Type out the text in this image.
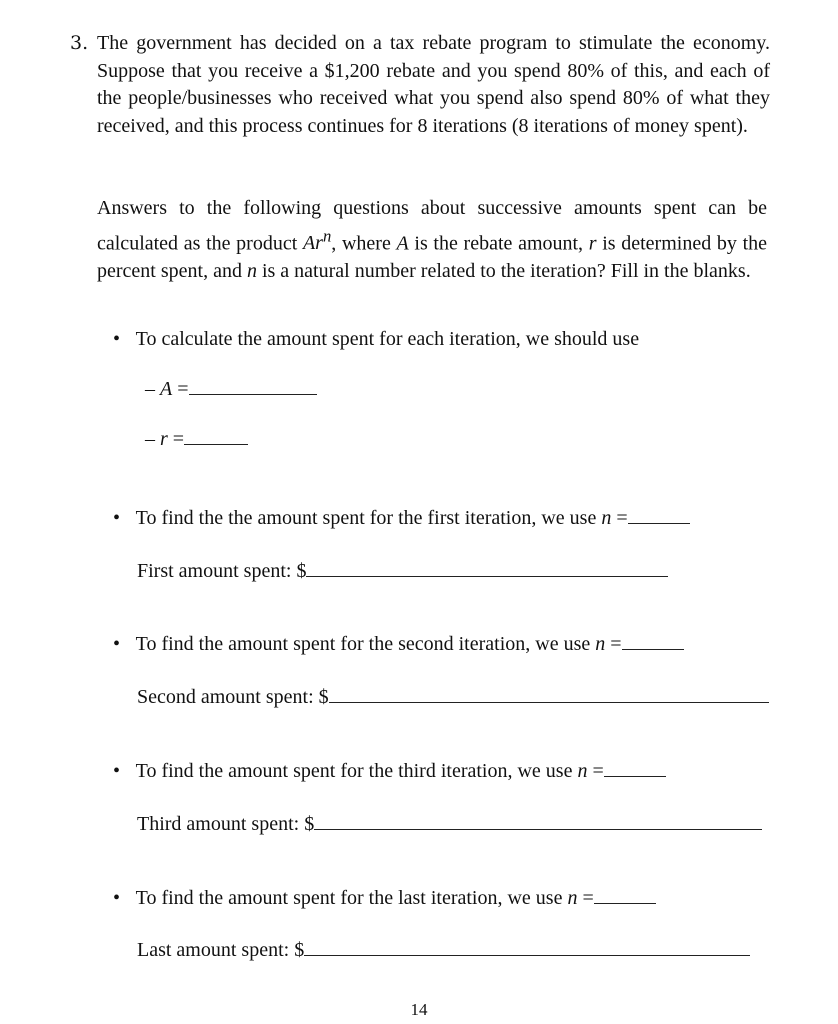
3. The government has decided on a tax rebate program to stimulate the economy. Suppose that you receive a $1,200 rebate and you spend 80% of this, and each of the people/businesses who received what you spend also spend 80% of what they received, and this process continues for 8 iterations (8 iterations of money spent).
Answers to the following questions about successive amounts spent can be calculated as the product Ar$^n$, where A is the rebate amount, r is determined by the percent spent, and n is a natural number related to the iteration? Fill in the blanks.
• To calculate the amount spent for each iteration, we should use
– A =
– r =
• To find the the amount spent for the first iteration, we use n =
First amount spent: $
• To find the amount spent for the second iteration, we use n =
Second amount spent: $
• To find the amount spent for the third iteration, we use n =
Third amount spent: $
• To find the amount spent for the last iteration, we use n =
Last amount spent: $
14
